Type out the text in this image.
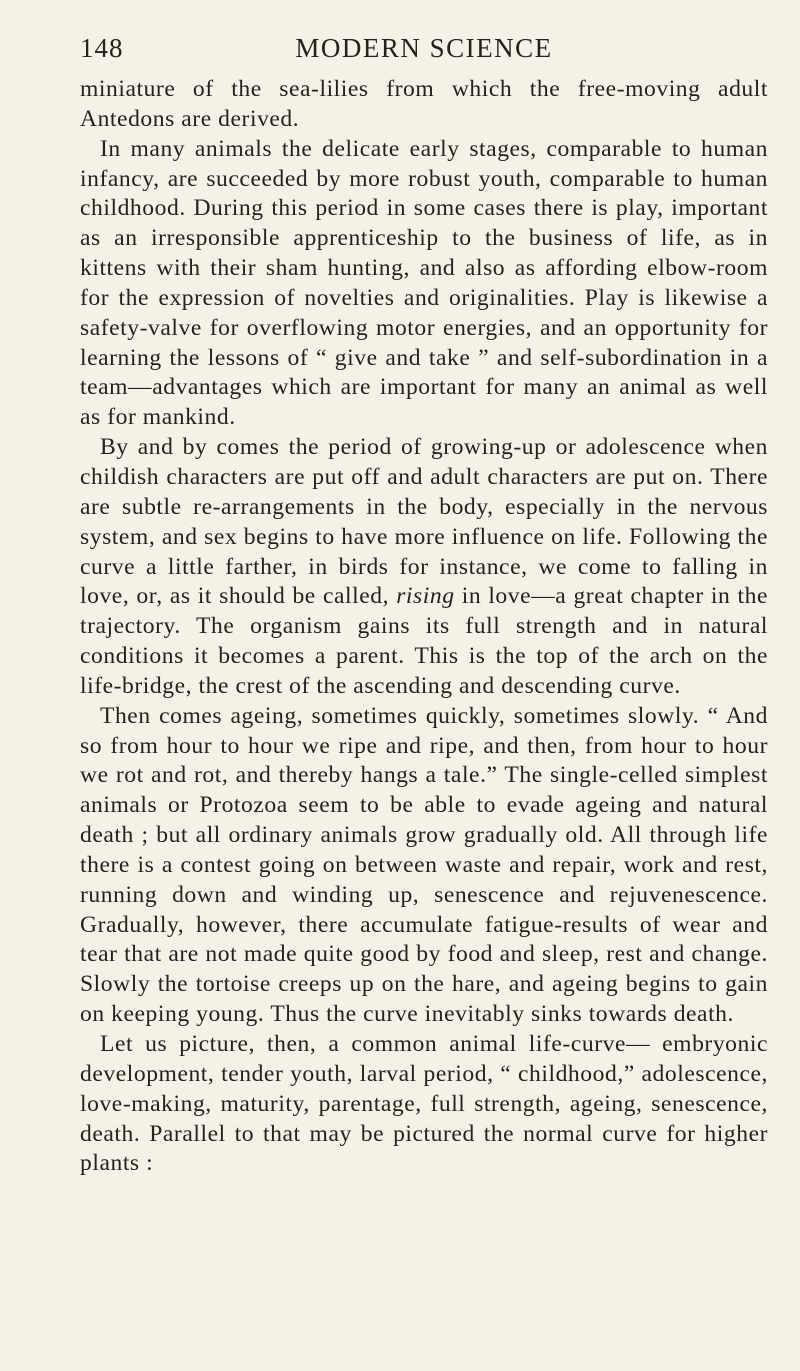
148	MODERN SCIENCE

miniature of the sea-lilies from which the free-moving adult Antedons are derived.

In many animals the delicate early stages, comparable to human infancy, are succeeded by more robust youth, comparable to human childhood. During this period in some cases there is play, important as an irresponsible apprenticeship to the business of life, as in kittens with their sham hunting, and also as affording elbow-room for the expression of novelties and originalities. Play is likewise a safety-valve for overflowing motor energies, and an opportunity for learning the lessons of “ give and take ” and self-subordination in a team—advantages which are important for many an animal as well as for mankind.

By and by comes the period of growing-up or adolescence when childish characters are put off and adult characters are put on. There are subtle re-arrangements in the body, especially in the nervous system, and sex begins to have more influence on life. Following the curve a little farther, in birds for instance, we come to falling in love, or, as it should be called, rising in love—a great chapter in the trajectory. The organism gains its full strength and in natural conditions it becomes a parent. This is the top of the arch on the life-bridge, the crest of the ascending and descending curve.

Then comes ageing, sometimes quickly, sometimes slowly. “ And so from hour to hour we ripe and ripe, and then, from hour to hour we rot and rot, and thereby hangs a tale.” The single-celled simplest animals or Protozoa seem to be able to evade ageing and natural death ; but all ordinary animals grow gradually old. All through life there is a contest going on between waste and repair, work and rest, running down and winding up, senescence and rejuvenescence. Gradually, however, there accumulate fatigue-results of wear and tear that are not made quite good by food and sleep, rest and change. Slowly the tortoise creeps up on the hare, and ageing begins to gain on keeping young. Thus the curve inevitably sinks towards death.

Let us picture, then, a common animal life-curve— embryonic development, tender youth, larval period, “ childhood,” adolescence, love-making, maturity, parentage, full strength, ageing, senescence, death. Parallel to that may be pictured the normal curve for higher plants :
